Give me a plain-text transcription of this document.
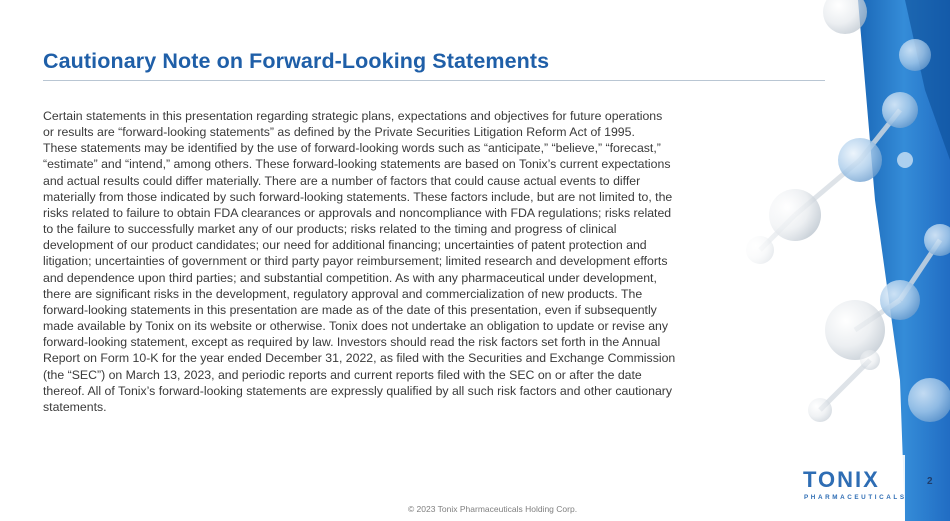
Cautionary Note on Forward-Looking Statements
Certain statements in this presentation regarding strategic plans, expectations and objectives for future operations
or results are “forward-looking statements” as defined by the Private Securities Litigation Reform Act of 1995.
These statements may be identified by the use of forward-looking words such as “anticipate,” “believe,” “forecast,”
“estimate” and “intend,” among others. These forward-looking statements are based on Tonix’s current expectations
and actual results could differ materially. There are a number of factors that could cause actual events to differ
materially from those indicated by such forward-looking statements. These factors include, but are not limited to, the
risks related to failure to obtain FDA clearances or approvals and noncompliance with FDA regulations; risks related
to the failure to successfully market any of our products; risks related to the timing and progress of clinical
development of our product candidates; our need for additional financing; uncertainties of patent protection and
litigation; uncertainties of government or third party payor reimbursement; limited research and development efforts
and dependence upon third parties; and substantial competition. As with any pharmaceutical under development,
there are significant risks in the development, regulatory approval and commercialization of new products. The
forward-looking statements in this presentation are made as of the date of this presentation, even if subsequently
made available by Tonix on its website or otherwise. Tonix does not undertake an obligation to update or revise any
forward-looking statement, except as required by law. Investors should read the risk factors set forth in the Annual
Report on Form 10-K for the year ended December 31, 2022, as filed with the Securities and Exchange Commission
(the “SEC”) on March 13, 2023, and periodic reports and current reports filed with the SEC on or after the date
thereof. All of Tonix’s forward-looking statements are expressly qualified by all such risk factors and other cautionary
statements.
TONIX
PHARMACEUTICALS
2
© 2023 Tonix Pharmaceuticals Holding Corp.
